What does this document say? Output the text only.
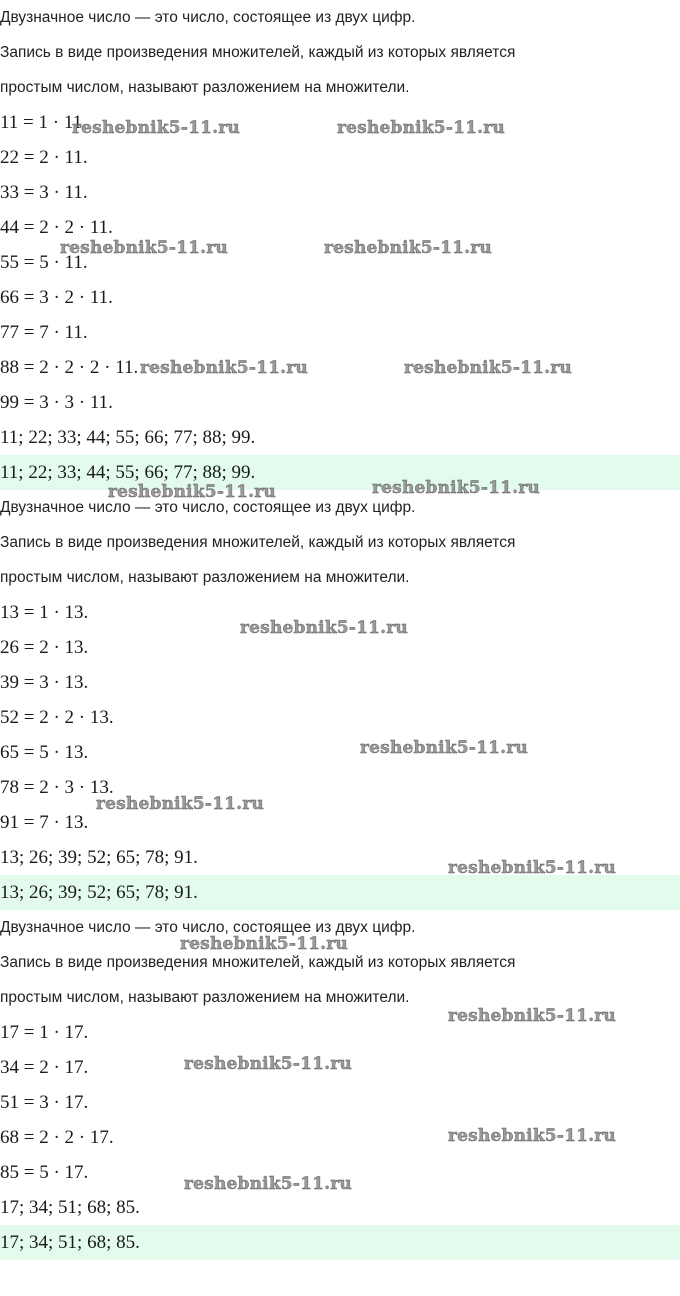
Двузначное число — это число, состоящее из двух цифр.
Запись в виде произведения множителей, каждый из которых является
простым числом, называют разложением на множители.
11 = 1 · 11.
22 = 2 · 11.
33 = 3 · 11.
44 = 2 · 2 · 11.
55 = 5 · 11.
66 = 3 · 2 · 11.
77 = 7 · 11.
88 = 2 · 2 · 2 · 11.
99 = 3 · 3 · 11.
11; 22; 33; 44; 55; 66; 77; 88; 99.
11; 22; 33; 44; 55; 66; 77; 88; 99.
Двузначное число — это число, состоящее из двух цифр.
Запись в виде произведения множителей, каждый из которых является
простым числом, называют разложением на множители.
13 = 1 · 13.
26 = 2 · 13.
39 = 3 · 13.
52 = 2 · 2 · 13.
65 = 5 · 13.
78 = 2 · 3 · 13.
91 = 7 · 13.
13; 26; 39; 52; 65; 78; 91.
13; 26; 39; 52; 65; 78; 91.
Двузначное число — это число, состоящее из двух цифр.
Запись в виде произведения множителей, каждый из которых является
простым числом, называют разложением на множители.
17 = 1 · 17.
34 = 2 · 17.
51 = 3 · 17.
68 = 2 · 2 · 17.
85 = 5 · 17.
17; 34; 51; 68; 85.
17; 34; 51; 68; 85.
reshebnik5-11.ru	reshebnik5-11.ru
reshebnik5-11.ru	reshebnik5-11.ru
reshebnik5-11.ru	reshebnik5-11.ru
reshebnik5-11.ru	reshebnik5-11.ru
reshebnik5-11.ru
reshebnik5-11.ru
reshebnik5-11.ru
reshebnik5-11.ru
reshebnik5-11.ru
reshebnik5-11.ru
reshebnik5-11.ru
reshebnik5-11.ru
reshebnik5-11.ru
